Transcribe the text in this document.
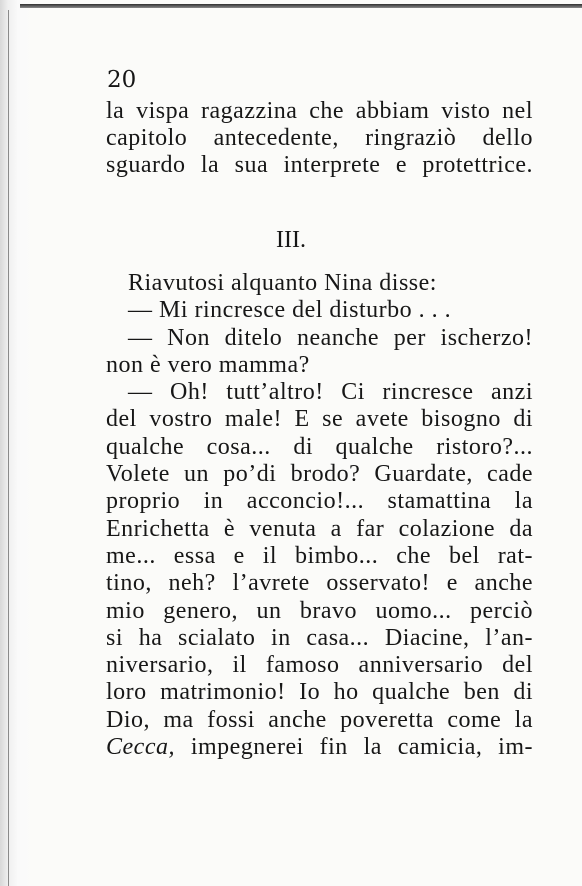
20
la vispa ragazzina che abbiam visto nel
capitolo antecedente, ringraziò dello
sguardo la sua interprete e protettrice.
III.
Riavutosi alquanto Nina disse:
— Mi rincresce del disturbo . . .
— Non ditelo neanche per ischerzo!
non è vero mamma?
— Oh! tutt’altro! Ci rincresce anzi
del vostro male! E se avete bisogno di
qualche cosa... di qualche ristoro?...
Volete un po’di brodo? Guardate, cade
proprio in acconcio!... stamattina la
Enrichetta è venuta a far colazione da
me... essa e il bimbo... che bel rat-
tino, neh? l’avrete osservato! e anche
mio genero, un bravo uomo... perciò
si ha scialato in casa... Diacine, l’an-
niversario, il famoso anniversario del
loro matrimonio! Io ho qualche ben di
Dio, ma fossi anche poveretta come la
Cecca, impegnerei fin la camicia, im-
